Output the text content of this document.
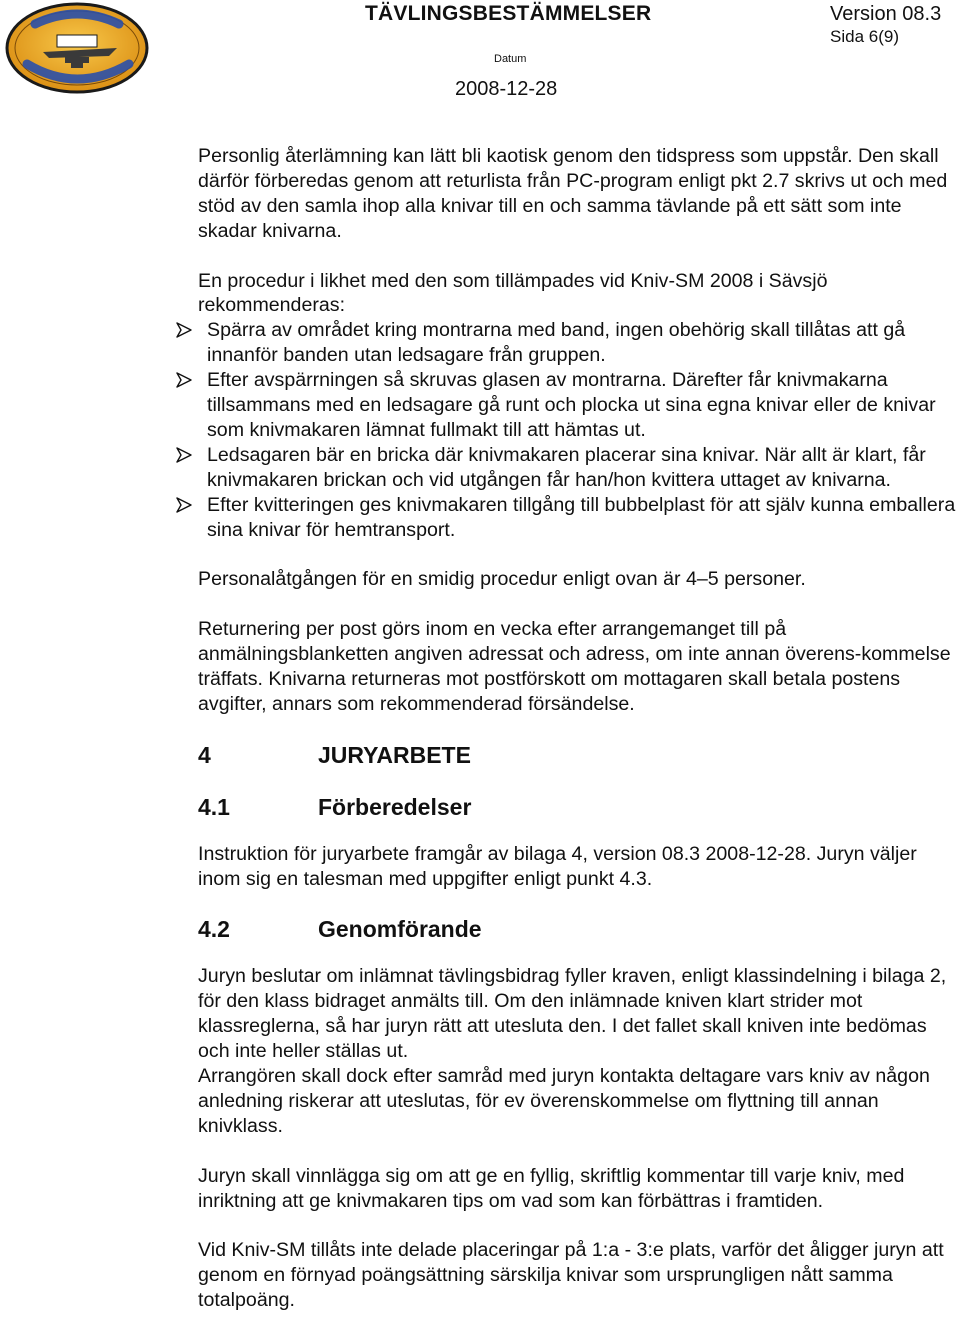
TÄVLINGSBESTÄMMELSER	Version 08.3
Sida 6(9)
Datum
2008-12-28

Personlig återlämning kan lätt bli kaotisk genom den tidspress som uppstår. Den skall därför förberedas genom att returlista från PC-program enligt pkt 2.7 skrivs ut och med stöd av den samla ihop alla knivar till en och samma tävlande på ett sätt som inte skadar knivarna.

En procedur i likhet med den som tillämpades vid Kniv-SM 2008 i Sävsjö rekommenderas:

Spärra av området kring montrarna med band, ingen obehörig skall tillåtas att gå innanför banden utan ledsagare från gruppen.
Efter avspärrningen så skruvas glasen av montrarna. Därefter får knivmakarna tillsammans med en ledsagare gå runt och plocka ut sina egna knivar eller de knivar som knivmakaren lämnat fullmakt till att hämtas ut.
Ledsagaren bär en bricka där knivmakaren placerar sina knivar. När allt är klart, får knivmakaren brickan och vid utgången får han/hon kvittera uttaget av knivarna.
Efter kvitteringen ges knivmakaren tillgång till bubbelplast för att själv kunna emballera sina knivar för hemtransport.

Personalåtgången för en smidig procedur enligt ovan är 4–5 personer.

Returnering per post görs inom en vecka efter arrangemanget till på anmälningsblanketten angiven adressat och adress, om inte annan överens-kommelse träffats. Knivarna returneras mot postförskott om mottagaren skall betala postens avgifter, annars som rekommenderad försändelse.

4	JURYARBETE
4.1	Förberedelser

Instruktion för juryarbete framgår av bilaga 4, version 08.3 2008-12-28. Juryn väljer inom sig en talesman med uppgifter enligt punkt 4.3.

4.2	Genomförande

Juryn beslutar om inlämnat tävlingsbidrag fyller kraven, enligt klassindelning i bilaga 2, för den klass bidraget anmälts till. Om den inlämnade kniven klart strider mot klassreglerna, så har juryn rätt att utesluta den. I det fallet skall kniven inte bedömas och inte heller ställas ut.

Arrangören skall dock efter samråd med juryn kontakta deltagare vars kniv av någon anledning riskerar att uteslutas, för ev överenskommelse om flyttning till annan knivklass.

Juryn skall vinnlägga sig om att ge en fyllig, skriftlig kommentar till varje kniv, med inriktning att ge knivmakaren tips om vad som kan förbättras i framtiden.

Vid Kniv-SM tillåts inte delade placeringar på 1:a - 3:e plats, varför det åligger juryn att genom en förnyad poängsättning särskilja knivar som ursprungligen nått samma totalpoäng.
